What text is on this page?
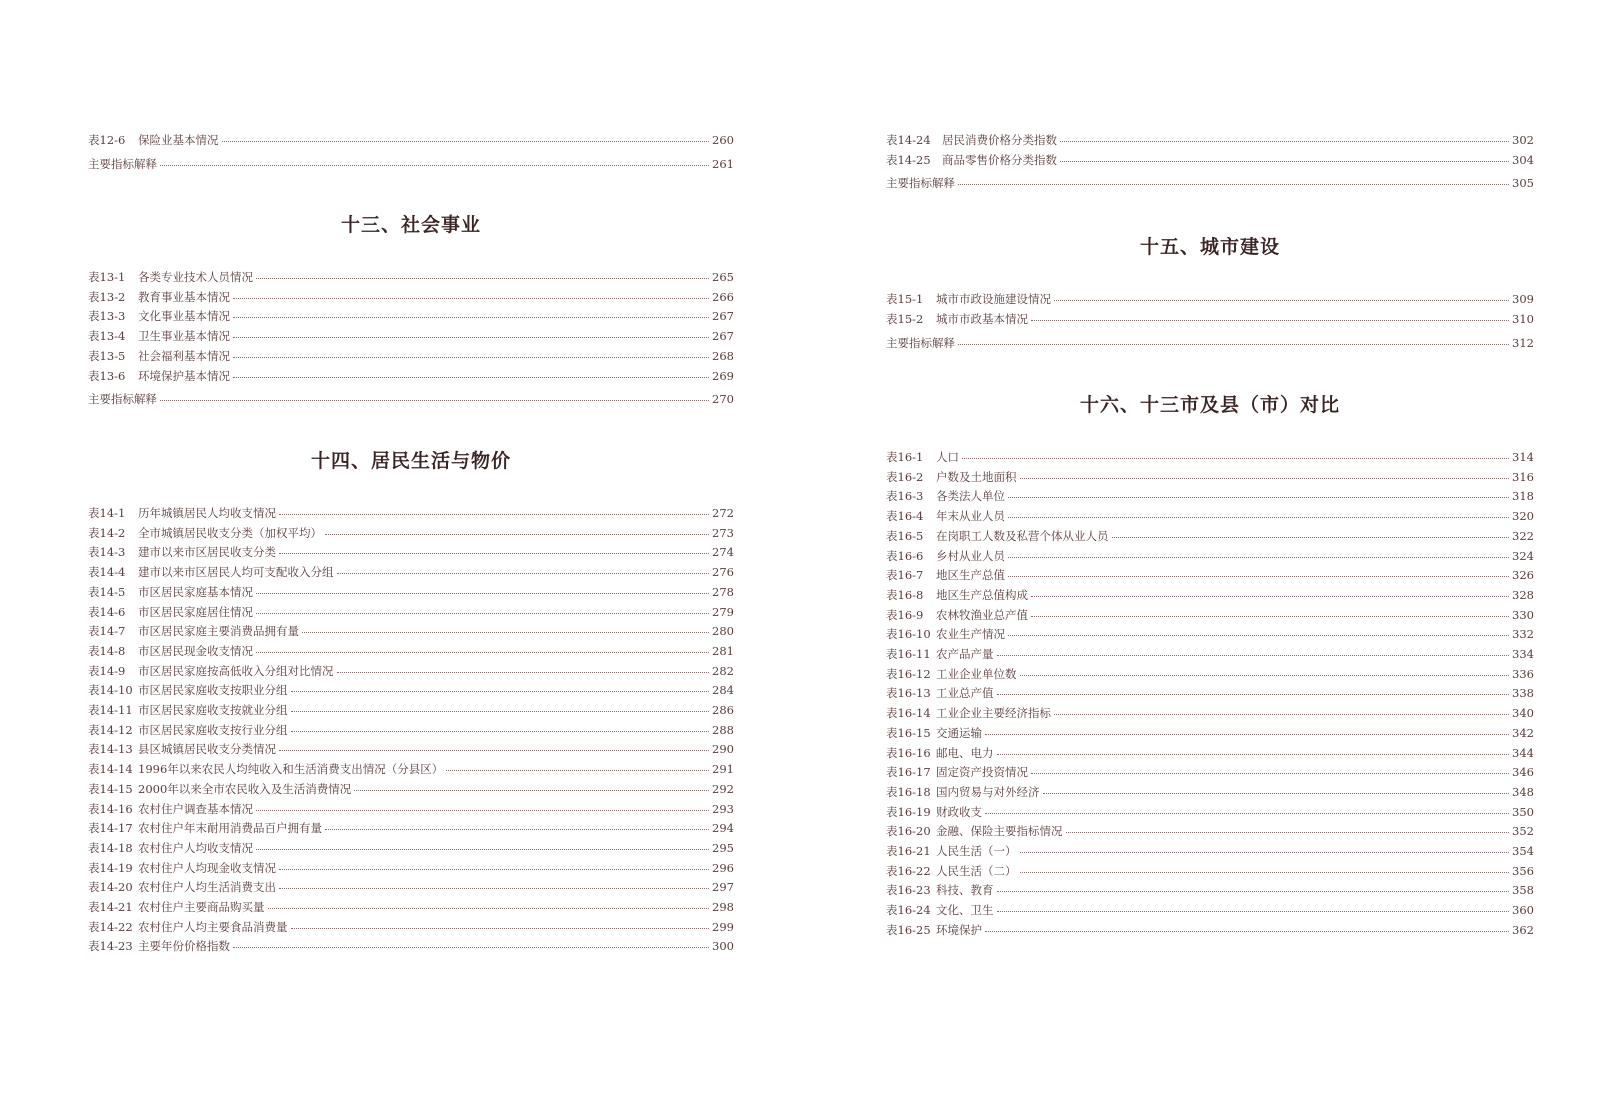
表12-6	保险业基本情况	260
主要指标解释	261
十三、社会事业
表13-1	各类专业技术人员情况	265
表13-2	教育事业基本情况	266
表13-3	文化事业基本情况	267
表13-4	卫生事业基本情况	267
表13-5	社会福利基本情况	268
表13-6	环境保护基本情况	269
主要指标解释	270
十四、居民生活与物价
表14-1	历年城镇居民人均收支情况	272
表14-2	全市城镇居民收支分类（加权平均）	273
表14-3	建市以来市区居民收支分类	274
表14-4	建市以来市区居民人均可支配收入分组	276
表14-5	市区居民家庭基本情况	278
表14-6	市区居民家庭居住情况	279
表14-7	市区居民家庭主要消费品拥有量	280
表14-8	市区居民现金收支情况	281
表14-9	市区居民家庭按高低收入分组对比情况	282
表14-10 市区居民家庭收支按职业分组	284
表14-11 市区居民家庭收支按就业分组	286
表14-12 市区居民家庭收支按行业分组	288
表14-13 县区城镇居民收支分类情况	290
表14-14 1996年以来农民人均纯收入和生活消费支出情况（分县区）	291
表14-15 2000年以来全市农民收入及生活消费情况	292
表14-16 农村住户调查基本情况	293
表14-17 农村住户年末耐用消费品百户拥有量	294
表14-18 农村住户人均收支情况	295
表14-19 农村住户人均现金收支情况	296
表14-20 农村住户人均生活消费支出	297
表14-21 农村住户主要商品购买量	298
表14-22 农村住户人均主要食品消费量	299
表14-23 主要年份价格指数	300
表14-24 居民消费价格分类指数	302
表14-25 商品零售价格分类指数	304
主要指标解释	305
十五、城市建设
表15-1	城市市政设施建设情况	309
表15-2	城市市政基本情况	310
主要指标解释	312
十六、十三市及县（市）对比
表16-1	人口	314
表16-2	户数及土地面积	316
表16-3	各类法人单位	318
表16-4	年末从业人员	320
表16-5	在岗职工人数及私营个体从业人员	322
表16-6	乡村从业人员	324
表16-7	地区生产总值	326
表16-8	地区生产总值构成	328
表16-9	农林牧渔业总产值	330
表16-10 农业生产情况	332
表16-11 农产品产量	334
表16-12 工业企业单位数	336
表16-13 工业总产值	338
表16-14 工业企业主要经济指标	340
表16-15 交通运输	342
表16-16 邮电、电力	344
表16-17 固定资产投资情况	346
表16-18 国内贸易与对外经济	348
表16-19 财政收支	350
表16-20 金融、保险主要指标情况	352
表16-21 人民生活（一）	354
表16-22 人民生活（二）	356
表16-23 科技、教育	358
表16-24 文化、卫生	360
表16-25 环境保护	362
